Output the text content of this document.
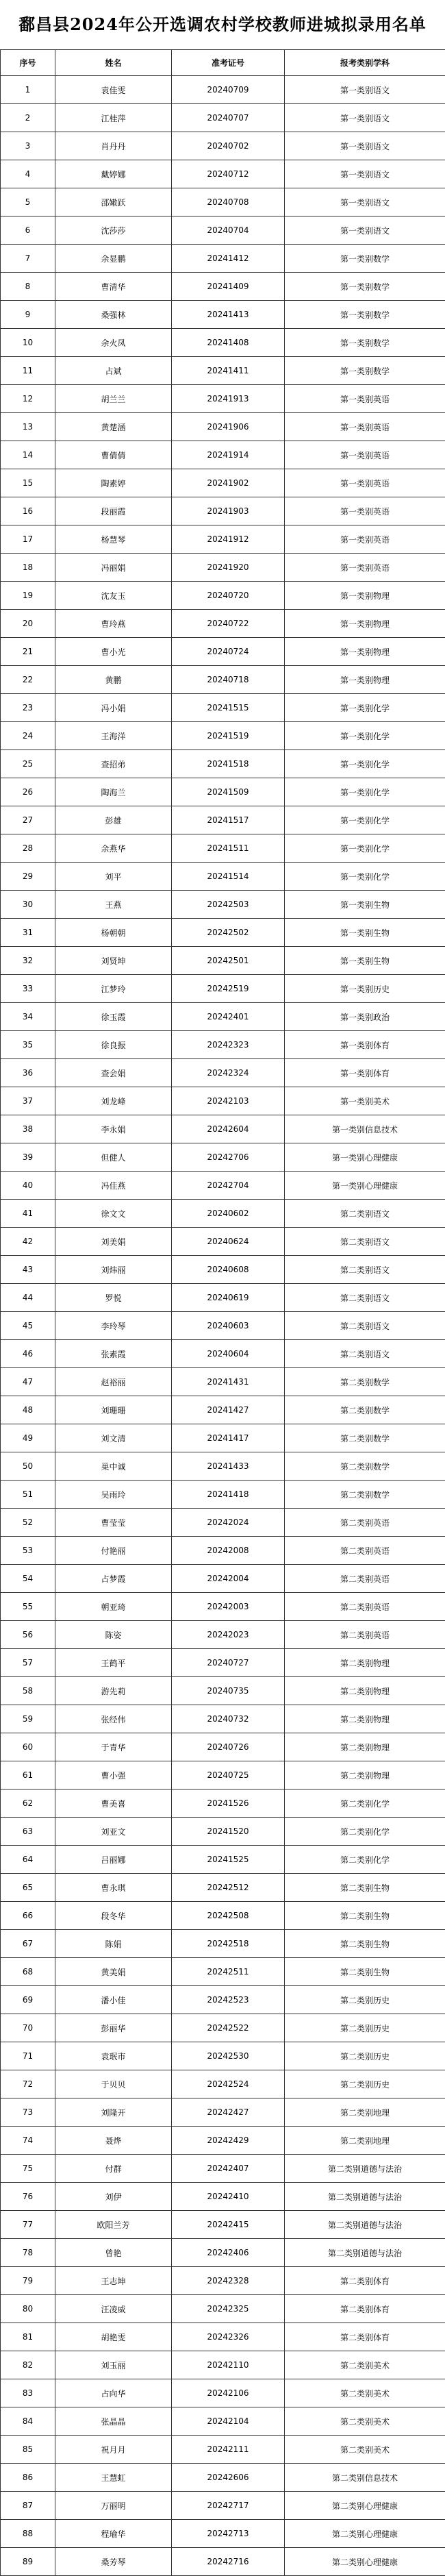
鄱昌县2024年公开选调农村学校教师进城拟录用名单
序号	姓名	准考证号	报考类别学科
1	袁佳雯	20240709	第一类别语文
2	江桂萍	20240707	第一类别语文
3	肖丹丹	20240702	第一类别语文
4	戴婷娜	20240712	第一类别语文
5	邵嫩跃	20240708	第一类别语文
6	沈莎莎	20240704	第一类别语文
7	余显鹏	20241412	第一类别数学
8	曹清华	20241409	第一类别数学
9	桑强林	20241413	第一类别数学
10	余火凤	20241408	第一类别数学
11	占斌	20241411	第一类别数学
12	胡兰兰	20241913	第一类别英语
13	黄楚涵	20241906	第一类别英语
14	曹倩倩	20241914	第一类别英语
15	陶素婷	20241902	第一类别英语
16	段丽霞	20241903	第一类别英语
17	杨慧琴	20241912	第一类别英语
18	冯丽娟	20241920	第一类别英语
19	沈友玉	20240720	第一类别物理
20	曹玲燕	20240722	第一类别物理
21	曹小光	20240724	第一类别物理
22	黄鹏	20240718	第一类别物理
23	冯小娟	20241515	第一类别化学
24	王海洋	20241519	第一类别化学
25	查招弟	20241518	第一类别化学
26	陶海兰	20241509	第一类别化学
27	彭雄	20241517	第一类别化学
28	余燕华	20241511	第一类别化学
29	刘平	20241514	第一类别化学
30	王燕	20242503	第一类别生物
31	杨朝朝	20242502	第一类别生物
32	刘贤坤	20242501	第一类别生物
33	江梦玲	20242519	第一类别历史
34	徐玉霞	20242401	第一类别政治
35	徐良振	20242323	第一类别体育
36	查会娟	20242324	第一类别体育
37	刘龙峰	20242103	第一类别美术
38	李永娟	20242604	第一类别信息技术
39	但健人	20242706	第一类别心理健康
40	冯佳燕	20242704	第一类别心理健康
41	徐文文	20240602	第二类别语文
42	刘美娟	20240624	第二类别语文
43	刘炜丽	20240608	第二类别语文
44	罗悦	20240619	第二类别语文
45	李玲琴	20240603	第二类别语文
46	张素霞	20240604	第二类别语文
47	赵裕丽	20241431	第二类别数学
48	刘珊珊	20241427	第二类别数学
49	刘文清	20241417	第二类别数学
50	巢中诚	20241433	第二类别数学
51	吴雨玲	20241418	第二类别数学
52	曹莹莹	20242024	第二类别英语
53	付艳丽	20242008	第二类别英语
54	占梦霞	20242004	第二类别英语
55	朝亚琦	20242003	第二类别英语
56	陈姿	20242023	第二类别英语
57	王鹤平	20240727	第二类别物理
58	游先莉	20240735	第二类别物理
59	张经伟	20240732	第二类别物理
60	于青华	20240726	第二类别物理
61	曹小强	20240725	第二类别物理
62	曹美喜	20241526	第二类别化学
63	刘亚文	20241520	第二类别化学
64	吕丽娜	20241525	第二类别化学
65	曹永琪	20242512	第二类别生物
66	段冬华	20242508	第二类别生物
67	陈娟	20242518	第二类别生物
68	黄美娟	20242511	第二类别生物
69	潘小佳	20242523	第二类别历史
70	彭丽华	20242522	第二类别历史
71	袁珉市	20242530	第二类别历史
72	于贝贝	20242524	第二类别历史
73	刘隆开	20242427	第二类别地理
74	聂烨	20242429	第二类别地理
75	付群	20242407	第二类别道德与法治
76	刘伊	20242410	第二类别道德与法治
77	欧阳兰芳	20242415	第二类别道德与法治
78	曾艳	20242406	第二类别道德与法治
79	王志坤	20242328	第二类别体育
80	汪凌威	20242325	第二类别体育
81	胡艳雯	20242326	第二类别体育
82	刘玉丽	20242110	第二类别美术
83	占向华	20242106	第二类别美术
84	张晶晶	20242104	第二类别美术
85	祝月月	20242111	第二类别美术
86	王慧虹	20242606	第二类别信息技术
87	万丽明	20242717	第二类别心理健康
88	程瑜华	20242713	第二类别心理健康
89	桑芳琴	20242716	第二类别心理健康
